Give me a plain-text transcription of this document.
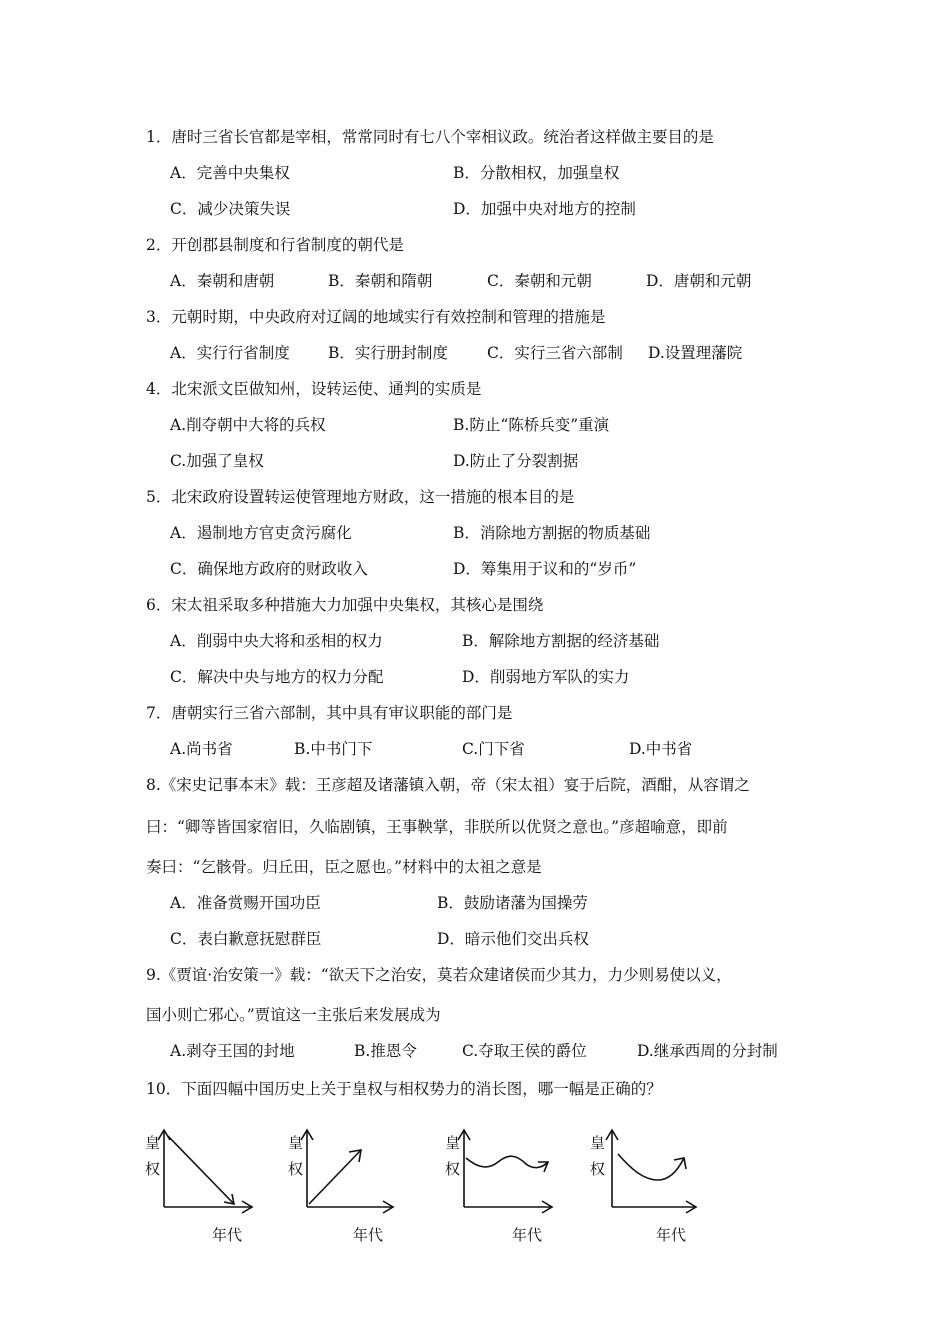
1．唐时三省长官都是宰相，常常同时有七八个宰相议政。统治者这样做主要目的是
A．完善中央集权	B．分散相权，加强皇权
C．减少决策失误	D．加强中央对地方的控制
2．开创郡县制度和行省制度的朝代是
A．秦朝和唐朝	B．秦朝和隋朝	C．秦朝和元朝	D．唐朝和元朝
3．元朝时期，中央政府对辽阔的地域实行有效控制和管理的措施是
A．实行行省制度 B．实行册封制度	C．实行三省六部制 D.设置理藩院
4．北宋派文臣做知州，设转运使、通判的实质是
A.削夺朝中大将的兵权	B.防止“陈桥兵变”重演
C.加强了皇权	D.防止了分裂割据
5．北宋政府设置转运使管理地方财政，这一措施的根本目的是
A．遏制地方官吏贪污腐化	B．消除地方割据的物质基础
C．确保地方政府的财政收入	D．筹集用于议和的“岁币”
6．宋太祖采取多种措施大力加强中央集权，其核心是围绕
A．削弱中央大将和丞相的权力	B．解除地方割据的经济基础
C．解决中央与地方的权力分配	D．削弱地方军队的实力
7．唐朝实行三省六部制，其中具有审议职能的部门是
A.尚书省	B.中书门下	C.门下省	D.中书省
8.《宋史记事本末》载：王彦超及诸藩镇入朝，帝（宋太祖）宴于后院，酒酣，从容谓之
曰：“卿等皆国家宿旧，久临剧镇，王事鞅掌，非朕所以优贤之意也。”彦超喻意，即前
奏曰：“乞骸骨。归丘田，臣之愿也。”材料中的太祖之意是
A．准备赏赐开国功臣	B．鼓励诸藩为国操劳
C．表白歉意抚慰群臣	D．暗示他们交出兵权
9.《贾谊·治安策一》载：“欲天下之治安，莫若众建诸侯而少其力，力少则易使以义，
国小则亡邪心。”贾谊这一主张后来发展成为
A.剥夺王国的封地	B.推恩令	C.夺取王侯的爵位	D.继承西周的分封制
10．下面四幅中国历史上关于皇权与相权势力的消长图，哪一幅是正确的？
皇
权
年代
皇
权
年代
皇
权
年代
皇
权
年代
